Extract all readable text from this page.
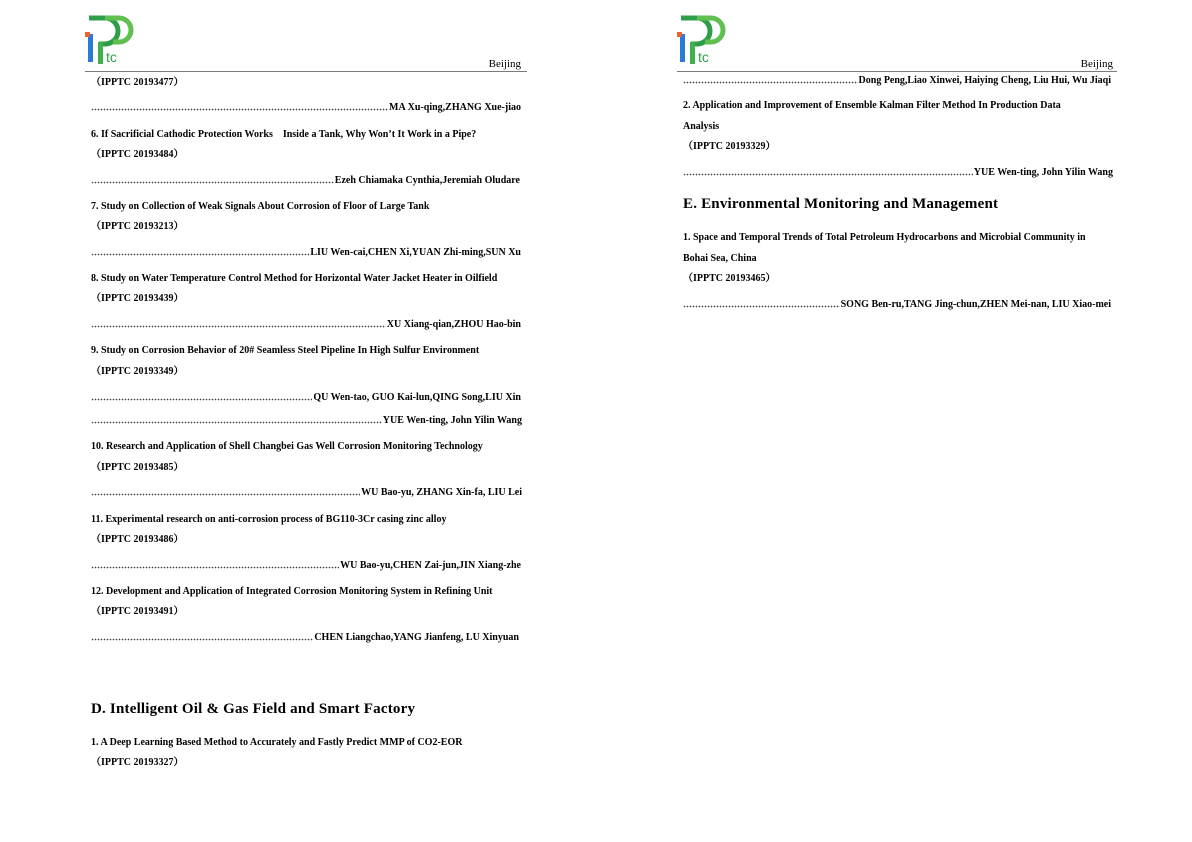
tc	Beijing
（IPPTC 20193477）
MA Xu-qing,ZHANG Xue-jiao
6. If Sacrificial Cathodic Protection Works　Inside a Tank, Why Won’t It Work in a Pipe?
（IPPTC 20193484）
Ezeh Chiamaka Cynthia,Jeremiah Oludare
7. Study on Collection of Weak Signals About Corrosion of Floor of Large Tank
（IPPTC 20193213）
LIU Wen-cai,CHEN Xi,YUAN Zhi-ming,SUN Xu
8. Study on Water Temperature Control Method for Horizontal Water Jacket Heater in Oilfield
（IPPTC 20193439）
XU Xiang-qian,ZHOU Hao-bin
9. Study on Corrosion Behavior of 20# Seamless Steel Pipeline In High Sulfur Environment
（IPPTC 20193349）
QU Wen-tao, GUO Kai-lun,QING Song,LIU Xin
YUE Wen-ting, John Yilin Wang
10. Research and Application of Shell Changbei Gas Well Corrosion Monitoring Technology
（IPPTC 20193485）
WU Bao-yu, ZHANG Xin-fa, LIU Lei
11. Experimental research on anti-corrosion process of BG110-3Cr casing zinc alloy
（IPPTC 20193486）
WU Bao-yu,CHEN Zai-jun,JIN Xiang-zhe
12. Development and Application of Integrated Corrosion Monitoring System in Refining Unit
（IPPTC 20193491）
CHEN Liangchao,YANG Jianfeng, LU Xinyuan
D. Intelligent Oil & Gas Field and Smart Factory
1. A Deep Learning Based Method to Accurately and Fastly Predict MMP of CO2-EOR
（IPPTC 20193327）
tc	Beijing
Dong Peng,Liao Xinwei, Haiying Cheng, Liu Hui, Wu Jiaqi
2. Application and Improvement of Ensemble Kalman Filter Method In Production Data
Analysis
（IPPTC 20193329）
YUE Wen-ting, John Yilin Wang
E. Environmental Monitoring and Management
1. Space and Temporal Trends of Total Petroleum Hydrocarbons and Microbial Community in
Bohai Sea, China
（IPPTC 20193465）
SONG Ben-ru,TANG Jing-chun,ZHEN Mei-nan, LIU Xiao-mei
